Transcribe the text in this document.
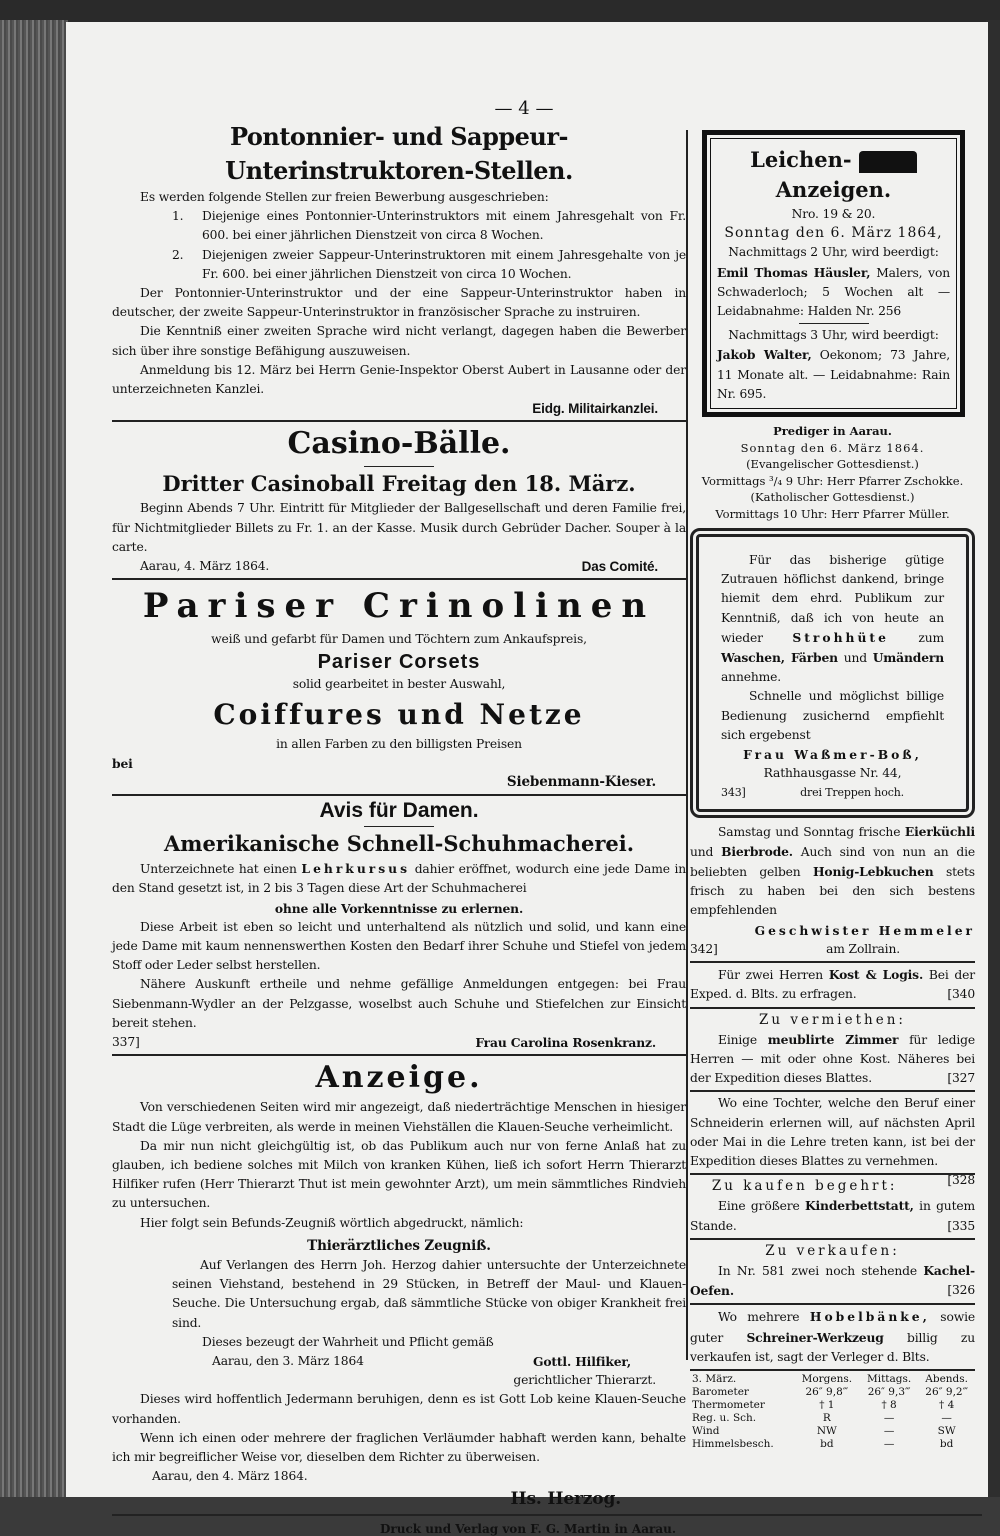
— 4 —
Pontonnier- und Sappeur-Unterinstruktoren-Stellen.
Es werden folgende Stellen zur freien Bewerbung ausgeschrieben:
1.	Diejenige eines Pontonnier-Unterinstruktors mit einem Jahresgehalt von Fr. 600. bei einer jährlichen Dienstzeit von circa 8 Wochen.
2.	Diejenigen zweier Sappeur-Unterinstruktoren mit einem Jahresgehalte von je Fr. 600. bei einer jährlichen Dienstzeit von circa 10 Wochen.
Der Pontonnier-Unterinstruktor und der eine Sappeur-Unterinstruktor haben in deutscher, der zweite Sappeur-Unterinstruktor in französischer Sprache zu instruiren.
Die Kenntniß einer zweiten Sprache wird nicht verlangt, dagegen haben die Bewerber sich über ihre sonstige Befähigung auszuweisen.
Anmeldung bis 12. März bei Herrn Genie-Inspektor Oberst Aubert in Lausanne oder der unterzeichneten Kanzlei.
Eidg. Militairkanzlei.
Casino-Bälle.
Dritter Casinoball Freitag den 18. März.
Beginn Abends 7 Uhr. Eintritt für Mitglieder der Ballgesellschaft und deren Familie frei, für Nichtmitglieder Billets zu Fr. 1. an der Kasse. Musik durch Gebrüder Dacher. Souper à la carte.
Aarau, 4. März 1864.	Das Comité.
Pariser Crinolinen
weiß und gefarbt für Damen und Töchtern zum Ankaufspreis,
Pariser Corsets
solid gearbeitet in bester Auswahl,
Coiffures und Netze
in allen Farben zu den billigsten Preisen
bei
Siebenmann-Kieser.
Avis für Damen.
Amerikanische Schnell-Schuhmacherei.
Unterzeichnete hat einen Lehrkursus dahier eröffnet, wodurch eine jede Dame in den Stand gesetzt ist, in 2 bis 3 Tagen diese Art der Schuhmacherei
ohne alle Vorkenntnisse zu erlernen.
Diese Arbeit ist eben so leicht und unterhaltend als nützlich und solid, und kann eine jede Dame mit kaum nennenswerthen Kosten den Bedarf ihrer Schuhe und Stiefel von jedem Stoff oder Leder selbst herstellen.
Nähere Auskunft ertheile und nehme gefällige Anmeldungen entgegen: bei Frau Siebenmann-Wydler an der Pelzgasse, woselbst auch Schuhe und Stiefelchen zur Einsicht bereit stehen.
337]	Frau Carolina Rosenkranz.
Anzeige.
Von verschiedenen Seiten wird mir angezeigt, daß niederträchtige Menschen in hiesiger Stadt die Lüge verbreiten, als werde in meinen Viehställen die Klauen-Seuche verheimlicht.
Da mir nun nicht gleichgültig ist, ob das Publikum auch nur von ferne Anlaß hat zu glauben, ich bediene solches mit Milch von kranken Kühen, ließ ich sofort Herrn Thierarzt Hilfiker rufen (Herr Thierarzt Thut ist mein gewohnter Arzt), um mein sämmtliches Rindvieh zu untersuchen.
Hier folgt sein Befunds-Zeugniß wörtlich abgedruckt, nämlich:
Thierärztliches Zeugniß.
Auf Verlangen des Herrn Joh. Herzog dahier untersuchte der Unterzeichnete seinen Viehstand, bestehend in 29 Stücken, in Betreff der Maul- und Klauen-Seuche. Die Untersuchung ergab, daß sämmtliche Stücke von obiger Krankheit frei sind.
Dieses bezeugt der Wahrheit und Pflicht gemäß
Aarau, den 3. März 1864	Gottl. Hilfiker,
gerichtlicher Thierarzt.
Dieses wird hoffentlich Jedermann beruhigen, denn es ist Gott Lob keine Klauen-Seuche vorhanden.
Wenn ich einen oder mehrere der fraglichen Verläumder habhaft werden kann, behalte ich mir begreiflicher Weise vor, dieselben dem Richter zu überweisen.
Aarau, den 4. März 1864.
Hs. Herzog.
Druck und Verlag von F. G. Martin in Aarau.
Leichen-  Anzeigen.
Nro. 19 & 20.
Sonntag den 6. März 1864,
Nachmittags 2 Uhr, wird beerdigt:
Emil Thomas Häusler, Malers, von Schwaderloch; 5 Wochen alt — Leidabnahme: Halden Nr. 256
Nachmittags 3 Uhr, wird beerdigt:
Jakob Walter, Oekonom; 73 Jahre, 11 Monate alt. — Leidabnahme: Rain Nr. 695.
Prediger in Aarau.
Sonntag den 6. März 1864.
(Evangelischer Gottesdienst.)
Vormittags ³/₄ 9 Uhr: Herr Pfarrer Zschokke.
(Katholischer Gottesdienst.)
Vormittags 10 Uhr: Herr Pfarrer Müller.
Für das bisherige gütige Zutrauen höflichst dankend, bringe hiemit dem ehrd. Publikum zur Kenntniß, daß ich von heute an wieder Strohhüte zum Waschen, Färben und Umändern annehme.
Schnelle und möglichst billige Bedienung zusichernd empfiehlt sich ergebenst
Frau Waßmer-Boß,
Rathhausgasse Nr. 44,
343]	drei Treppen hoch.
Samstag und Sonntag frische Eierküchli und Bierbrode. Auch sind von nun an die beliebten gelben Honig-Lebkuchen stets frisch zu haben bei den sich bestens empfehlenden
Geschwister Hemmeler
342]	am Zollrain.
Für zwei Herren Kost & Logis. Bei der Exped. d. Blts. zu erfragen.	[340
Zu vermiethen:
Einige meublirte Zimmer für ledige Herren — mit oder ohne Kost. Näheres bei der Expedition dieses Blattes.	[327
Wo eine Tochter, welche den Beruf einer Schneiderin erlernen will, auf nächsten April oder Mai in die Lehre treten kann, ist bei der Expedition dieses Blattes zu vernehmen.
[328
Zu kaufen begehrt:
Eine größere Kinderbettstatt, in gutem Stande.	[335
Zu verkaufen:
In Nr. 581 zwei noch stehende Kachel-Oefen.	[326
Wo mehrere Hobelbänke, sowie guter Schreiner-Werkzeug billig zu verkaufen ist, sagt der Verleger d. Blts.
3. März.	Morgens.	Mittags.	Abends.
Barometer	26″ 9,8‴	26″ 9,3‴	26″ 9,2‴
Thermometer	† 1	† 8	† 4
Reg. u. Sch.	R	—	—
Wind	NW	—	SW
Himmelsbesch.	bd	—	bd
